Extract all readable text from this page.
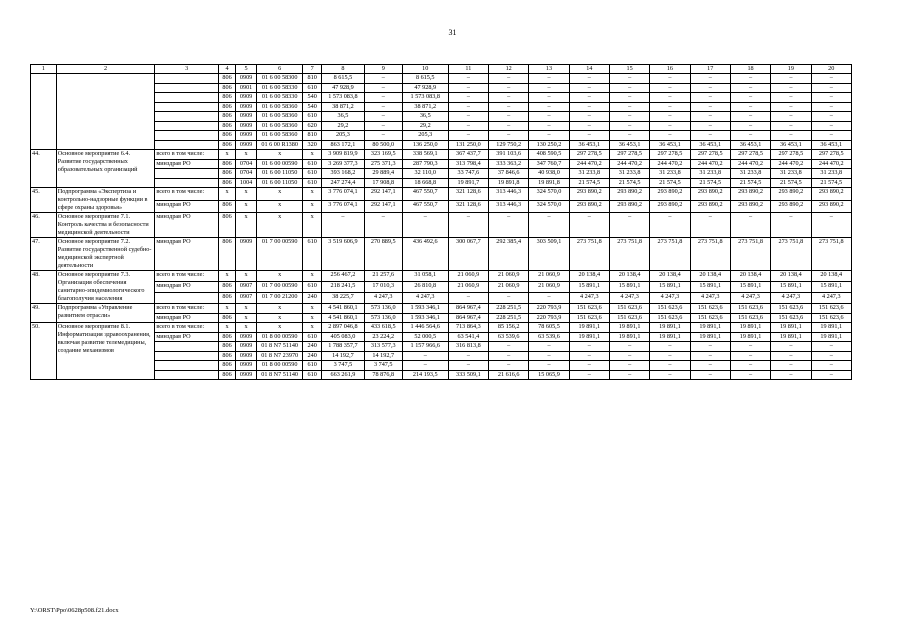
31
1	2	3	4	5	6	7	8	9	10	11	12	13	14	15	16	17	18	19	20
			806	0909	01 6 00 58300	810	8 615,5	–	8 615,5	–	–	–	–	–	–	–	–	–	–
			806	0901	01 6 00 58330	610	47 928,9	–	47 928,9	–	–	–	–	–	–	–	–	–	–
			806	0909	01 6 00 58330	540	1 573 083,8	–	1 573 083,8	–	–	–	–	–	–	–	–	–	–
			806	0909	01 6 00 58360	540	38 871,2	–	38 871,2	–	–	–	–	–	–	–	–	–	–
			806	0909	01 6 00 58360	610	36,5	–	36,5	–	–	–	–	–	–	–	–	–	–
			806	0909	01 6 00 58360	620	29,2	–	29,2	–	–	–	–	–	–	–	–	–	–
			806	0909	01 6 00 58360	810	205,3	–	205,3	–	–	–	–	–	–	–	–	–	–
			806	0909	01 6 00 R1380	320	863 172,1	80 500,0	136 250,0	131 250,0	129 750,2	130 250,2	36 453,1	36 453,1	36 453,1	36 453,1	36 453,1	36 453,1	36 453,1
44.	Основное мероприятие 6.4. Развитие государственных образовательных организаций	всего в том числе:	х	х	х	х	3 909 819,9	323 169,5	338 569,1	367 437,7	391 103,6	408 590,5	297 278,5	297 278,5	297 278,5	297 278,5	297 278,5	297 278,5	297 278,5
		минздрав РО	806	0704	01 6 00 00590	610	3 269 377,3	275 371,3	287 790,3	313 798,4	333 363,2	347 760,7	244 470,2	244 470,2	244 470,2	244 470,2	244 470,2	244 470,2	244 470,2
			806	0704	01 6 00 11050	610	393 168,2	29 889,4	32 110,0	33 747,6	37 846,6	40 938,0	31 233,8	31 233,8	31 233,8	31 233,8	31 233,8	31 233,8	31 233,8
			806	1004	01 6 00 11050	610	247 274,4	17 908,8	18 668,8	19 891,7	19 891,8	19 891,8	21 574,5	21 574,5	21 574,5	21 574,5	21 574,5	21 574,5	21 574,5
45.	Подпрограмма «Экспертиза и контрольно-надзорные функции в сфере охраны здоровья»	всего в том числе:	х	х	х	х	3 776 074,1	292 147,1	467 550,7	321 128,6	313 446,3	324 570,0	293 890,2	293 890,2	293 890,2	293 890,2	293 890,2	293 890,2	293 890,2
		минздрав РО	806	х	х	х	3 776 074,1	292 147,1	467 550,7	321 128,6	313 446,3	324 570,0	293 890,2	293 890,2	293 890,2	293 890,2	293 890,2	293 890,2	293 890,2
46.	Основное мероприятие 7.1. Контроль качества и безопасности медицинской деятельности	минздрав РО	806	х	х	х	–	–	–	–	–	–	–	–	–	–	–	–	–
47.	Основное мероприятие 7.2. Развитие государственной судебно-медицинской экспертной деятельности	минздрав РО	806	0909	01 7 00 00590	610	3 519 606,9	270 889,5	436 492,6	300 067,7	292 385,4	303 509,1	273 751,8	273 751,8	273 751,8	273 751,8	273 751,8	273 751,8	273 751,8
48.	Основное мероприятие 7.3. Организация обеспечения санитарно-эпидемиологического благополучия населения	всего в том числе:	х	х	х	х	256 467,2	21 257,6	31 058,1	21 060,9	21 060,9	21 060,9	20 138,4	20 138,4	20 138,4	20 138,4	20 138,4	20 138,4	20 138,4
		минздрав РО	806	0907	01 7 00 00590	610	218 241,5	17 010,3	26 810,8	21 060,9	21 060,9	21 060,9	15 891,1	15 891,1	15 891,1	15 891,1	15 891,1	15 891,1	15 891,1
			806	0907	01 7 00 21200	240	38 225,7	4 247,3	4 247,3	–	–	–	4 247,3	4 247,3	4 247,3	4 247,3	4 247,3	4 247,3	4 247,3
49.	Подпрограмма «Управление развитием отрасли»	всего в том числе:	х	х	х	х	4 541 860,1	573 136,0	1 593 346,1	864 967,4	228 251,5	220 793,9	151 623,6	151 623,6	151 623,6	151 623,6	151 623,6	151 623,6	151 623,6
		минздрав РО	806	х	х	х	4 541 860,1	573 136,0	1 593 346,1	864 967,4	228 251,5	220 793,9	151 623,6	151 623,6	151 623,6	151 623,6	151 623,6	151 623,6	151 623,6
50.	Основное мероприятие 8.1. Информатизация здравоохранения, включая развитие телемедицины, создание механизмов	всего в том числе:	х	х	х	х	2 897 046,8	433 618,5	1 446 564,6	713 864,3	85 156,2	78 605,5	19 891,1	19 891,1	19 891,1	19 891,1	19 891,1	19 891,1	19 891,1
		минздрав РО	806	0909	01 8 00 00590	610	405 083,0	23 224,2	52 000,5	63 541,4	63 539,6	63 539,6	19 891,1	19 891,1	19 891,1	19 891,1	19 891,1	19 891,1	19 891,1
			806	0909	01 8 N7 51140	240	1 788 357,7	313 577,3	1 157 966,6	316 813,8	–	–	–	–	–	–	–	–	–
			806	0909	01 8 N7 23970	240	14 192,7	14 192,7	–	–	–	–	–	–	–	–	–	–	–
			806	0909	01 8 00 00590	610	3 747,5	3 747,5	–	–	–	–	–	–	–	–	–	–	–
			806	0909	01 8 N7 51140	610	663 261,9	78 876,8	214 193,5	333 509,1	21 616,6	15 065,9	–	–	–	–	–	–	–
Y:\ORST\Ppo\0628p508.f21.docx
